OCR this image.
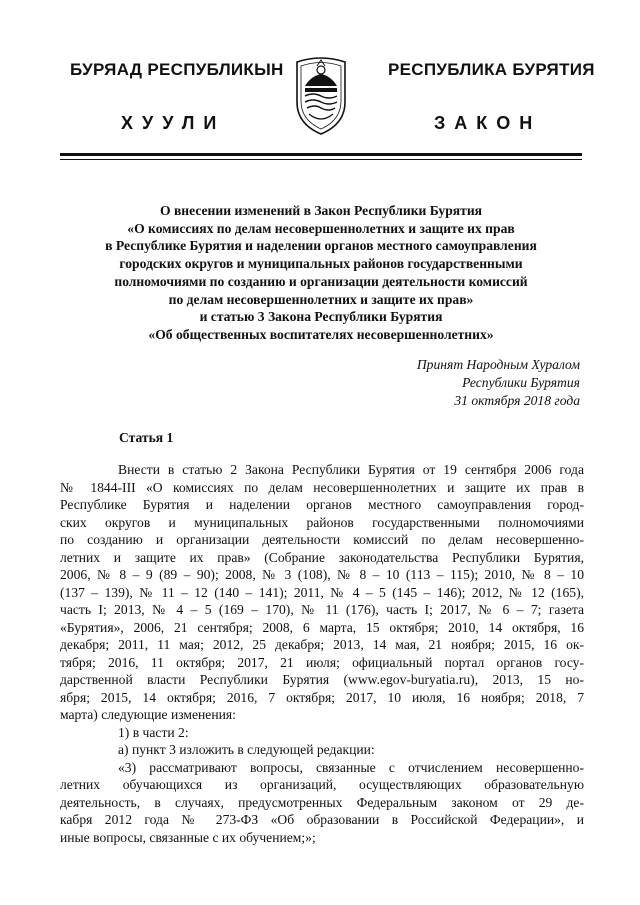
БУРЯАД РЕСПУБЛИКЫН	РЕСПУБЛИКА БУРЯТИЯ
ХУУЛИ	ЗАКОН
О внесении изменений в Закон Республики Бурятия
«О комиссиях по делам несовершеннолетних и защите их прав
в Республике Бурятия и наделении органов местного самоуправления
городских округов и муниципальных районов государственными
полномочиями по созданию и организации деятельности комиссий
по делам несовершеннолетних и защите их прав»
и статью 3 Закона Республики Бурятия
«Об общественных воспитателях несовершеннолетних»
Принят Народным Хуралом
Республики Бурятия
31 октября 2018 года
Статья 1
Внести в статью 2 Закона Республики Бурятия от 19 сентября 2006 года
№ 1844-III «О комиссиях по делам несовершеннолетних и защите их прав в
Республике Бурятия и наделении органов местного самоуправления город-
ских округов и муниципальных районов государственными полномочиями
по созданию и организации деятельности комиссий по делам несовершенно-
летних и защите их прав» (Собрание законодательства Республики Бурятия,
2006, № 8 – 9 (89 – 90); 2008, № 3 (108), № 8 – 10 (113 – 115); 2010, № 8 – 10
(137 – 139), № 11 – 12 (140 – 141); 2011, № 4 – 5 (145 – 146); 2012, № 12 (165),
часть I; 2013, № 4 – 5 (169 – 170), № 11 (176), часть I; 2017, № 6 – 7; газета
«Бурятия», 2006, 21 сентября; 2008, 6 марта, 15 октября; 2010, 14 октября, 16
декабря; 2011, 11 мая; 2012, 25 декабря; 2013, 14 мая, 21 ноября; 2015, 16 ок-
тября; 2016, 11 октября; 2017, 21 июля; официальный портал органов госу-
дарственной власти Республики Бурятия (www.egov-buryatia.ru), 2013, 15 но-
ября; 2015, 14 октября; 2016, 7 октября; 2017, 10 июля, 16 ноября; 2018, 7
марта) следующие изменения:
1) в части 2:
а) пункт 3 изложить в следующей редакции:
«3) рассматривают вопросы, связанные с отчислением несовершенно-
летних обучающихся из организаций, осуществляющих образовательную
деятельность, в случаях, предусмотренных Федеральным законом от 29 де-
кабря 2012 года № 273-ФЗ «Об образовании в Российской Федерации», и
иные вопросы, связанные с их обучением;»;
